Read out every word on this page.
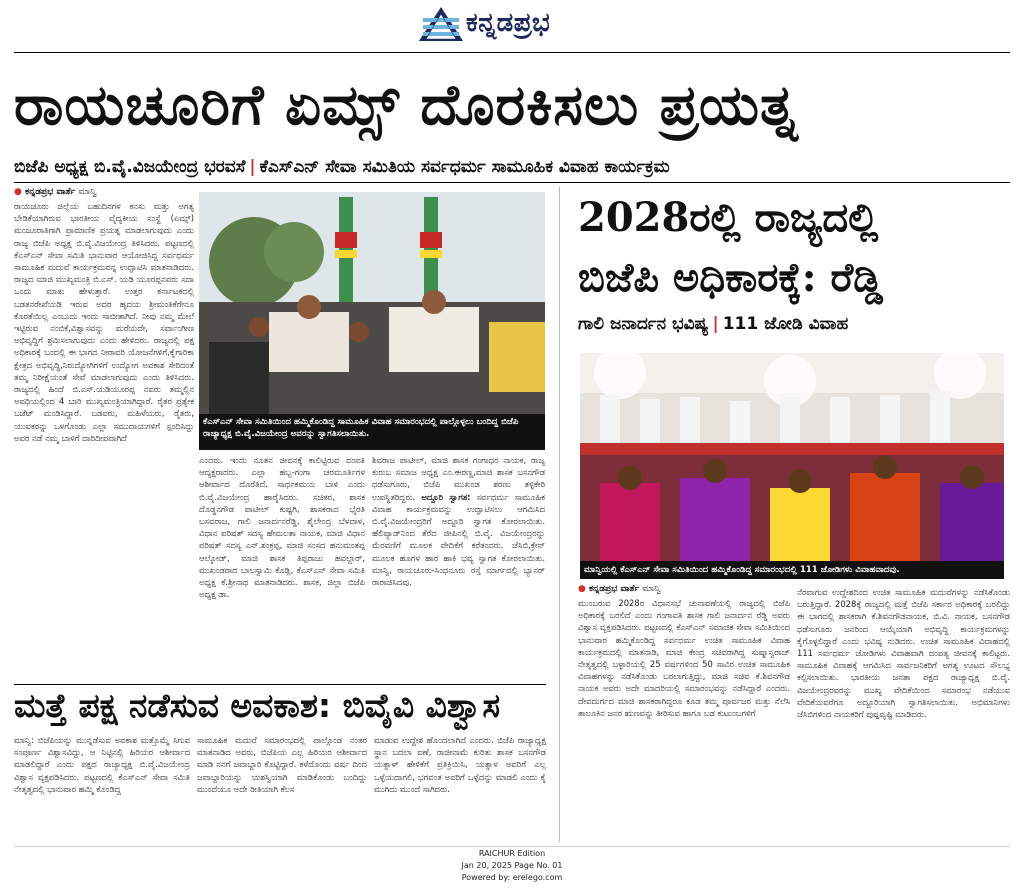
ಕನ್ನಡಪ್ರಭ
ರಾಯಚೂರಿಗೆ ಏಮ್ಸ್ ದೊರಕಿಸಲು ಪ್ರಯತ್ನ
ಬಿಜೆಪಿ ಅಧ್ಯಕ್ಷ ಬಿ.ವೈ.ವಿಜಯೇಂದ್ರ ಭರವಸೆ | ಕೆಎಸ್ಎನ್ ಸೇವಾ ಸಮಿತಿಯ ಸರ್ವಧರ್ಮ ಸಾಮೂಹಿಕ ವಿವಾಹ ಕಾರ್ಯಕ್ರಮ
● ಕನ್ನಡಪ್ರಭ ವಾರ್ತೆ ಮಾನ್ವಿ
ರಾಯಚೂರು ಜಿಲ್ಲೆಯ ಬಹುದಿನಗಳ ಕನಸು ಮತ್ತು ಅಗತ್ಯ ಬೇಡಿಕೆಯಾಗಿರುವ ಭಾರತೀಯ ವೈದ್ಯಕೀಯ ಸಂಸ್ಥೆ (ಏಮ್ಸ್) ಮಂಜೂರಾತಿಗಾಗಿ ಪ್ರಾಮಾಣಿಕ ಪ್ರಯತ್ನ ಮಾಡಲಾಗುವುದು ಎಂದು ರಾಜ್ಯ ಬಿಜೆಪಿ ಅಧ್ಯಕ್ಷ ಬಿ.ವೈ.ವಿಜಯೇಂದ್ರ ತಿಳಿಸಿದರು. ಪಟ್ಟಣದಲ್ಲಿ ಕೆಎಸ್ಎನ್ ಸೇವಾ ಸಮಿತಿ ಭಾನುವಾರ ಆಯೋಜಿಸಿದ್ದ ಸರ್ವಧರ್ಮ ಸಾಮೂಹಿಕ ಮದುವೆ ಕಾರ್ಯಕ್ರಮವನ್ನ ಉದ್ಘಾಟಿಸಿ ಮಾತನಾಡಿದರು. ರಾಜ್ಯದ ಮಾಜಿ ಮುಖ್ಯಮಂತ್ರಿ ಬಿ.ಎಸ್. ಯಡಿ ಯೂರಪ್ಪನವರು ಸದಾ ಒಂದು ಮಾತು ಹೇಳುತ್ತಾರೆ. ಉತ್ತರ ಕರ್ನಾಟಕದಲ್ಲಿ ಬಡತನರೇಖೆಯಡಿ ಇರುವ ಅದರ ಹೃದಯ ಶ್ರೀಮಂತಿಕೆಗೇನೂ ಕೊರತೆಯಿಲ್ಲ ಎಂಬುದು ಇಂದು ಸಾಬೀತಾಗಿದೆ. ನೀವು ನಮ್ಮ ಮೇಲೆ ಇಟ್ಟಿರುವ ನಂಬಿಕೆ,ವಿಶ್ವಾಸವನ್ನು ಮರೆಯದೇ, ಸರ್ವಾಂಗೀಣ ಅಭಿವೃದ್ಧಿಗೆ ಶ್ರಮಿಸಲಾಗುವುದು ಎಂದು ಹೇಳಿದರು. ರಾಜ್ಯದಲ್ಲಿ ಪಕ್ಷ ಅಧಿಕಾರಕ್ಕೆ ಬಂದಲ್ಲಿ ಈ ಭಾಗದ ನೀರಾವರಿ ಯೋಜನೆಗಳಿಗೆ,ಕೈಗಾರಿಕಾ ಕ್ಷೇತ್ರದ ಅಭಿವೃದ್ಧಿ,ನಿರುದ್ಯೋಗಿಗಳಿಗೆ ಉದ್ಯೋಗ ಅವಕಾಶ ಸೇರಿದಂತೆ ತಮ್ಮ ನಿರೀಕ್ಷೆಯಂತೆ ಸೇವೆ ಮಾಡಲಾಗುವುದು ಎಂದು ತಿಳಿಸಿದರು. ರಾಜ್ಯದಲ್ಲಿ ಹಿಂದೆ ಬಿ.ಎಸ್.ಯಡಿಯೂರಪ್ಪ ನವರು ತಮ್ಮಲ್ಲಿನ ಅವಧಿಯಲ್ಲಿಂದ 4 ಬಾರಿ ಮುಖ್ಯಮಂತ್ರಿಯಾಗಿದ್ದಾರೆ. ರೈತರ ಪ್ರತ್ಯೇಕ ಬಜೆಟ್ ಮಂಡಿಸಿದ್ದಾರೆ. ಬಡವರು, ಮಹಿಳೆಯರು, ರೈತರು, ಯುವಕರನ್ನು ಒಳಗೊಂಡು ಎಲ್ಲಾ ಸಮುದಾಯಗಳಿಗೆ ಸ್ಪಂದಿಸಿದ್ದು ಅವರ ನಡೆ ನಮ್ಮ ಬಾಳಿಗೆ ದಾರಿದೀಪವಾಗಿದೆ
ಕೆಎಸ್ಎನ್ ಸೇವಾ ಸಮಿತಿಯಿಂದ ಹಮ್ಮಿಕೊಂಡಿದ್ದ ಸಾಮೂಹಿಕ ವಿವಾಹ ಸಮಾರಂಭದಲ್ಲಿ ಪಾಲ್ಗೊಳ್ಳಲು ಬಂದಿದ್ದ ಬಿಜೆಪಿ ರಾಜ್ಯಾಧ್ಯಕ್ಷ ಬಿ.ವೈ.ವಿಜಯೇಂದ್ರ ಅವರನ್ನು ಸ್ವಾಗತಿಸಲಾಯಿತು.
ಎಂದರು. ಇಂದು ನೂತನ ಜೀವನಕ್ಕೆ ಕಾಲಿಟ್ಟಿರುವ ದಂಪತಿ ಆದ್ಯಕ್ಷರಾದರು. ಎಲ್ಲಾ ಹಬ್ಬ-ಗಂಗಾ ಚರಮೂರ್ತಿಗಳ ಆಶೀರ್ವಾದ ದೊರೆತಿದೆ. ಸಾರ್ಥಕಮಯ ಬಾಳಿ ಎಂದು ಬಿ.ವೈ.ವಿಜಯೇಂದ್ರ ಹಾರೈಸಿದರು. ಸಚಿತರ, ಶಾಸಕ ದೊಡ್ಡನಗೌಡ ಪಾಟೀಲ್ ಕುಷ್ಟಗಿ, ಶಾಸಕರಾದ ಭೈರತಿ ಬಸವರಾಜ, ಗಾಲಿ ಜನಾರ್ದನರೆಡ್ಡಿ, ಶೈಲೇಂದ್ರ ಬೆಳದಾಳ, ವಿಧಾನ ಪರಿಷತ್ ಸದಸ್ಯ ಹೇಮಲತಾ ನಾಯಕ, ಮಾಜಿ ವಿಧಾನ ಪರಿಷತ್ ಸದಸ್ಯ ಎನ್.ಶಂಕ್ರಪ್ಪ, ಮಾಜಿ ಸಂಸದ ಹನುಮಂತಪ್ಪ ಆಲ್ಕೋಡ್, ಮಾಜಿ ಶಾಸಕ ತಿಪ್ಪರಾಜು ಹವಲ್ದಾರ್, ಮುಖಂಡರಾದ ಬಾಲಸ್ವಾಮಿ ಕೊಡ್ಲಿ, ಕೆಎಸ್ಎನ್ ಸೇವಾ ಸಮಿತಿ ಅಧ್ಯಕ್ಷ ಕೆ.ಶ್ರೀನಾಥ ಮಾತನಾಡಿದರು. ಶಾಸಕ, ಜಿಲ್ಲಾ ಬಿಜೆಪಿ ಅಧ್ಯಕ್ಷ ಡಾ.
ಶಿವರಾಜ ಪಾಟೀಲ್, ಮಾಜಿ ಶಾಸಕ ಗಂಗಾಧರ ನಾಯಕ, ರಾಜ್ಯ ಕುರುಬ ಸಮಾಜ ಅಧ್ಯಕ್ಷ ಎಂ.ಈರಣ್ಣ,ಮಾಜಿ ಶಾಸಕ ಬಸನಗೌಡ ಧಡೆಸುಗೂರು, ಬಿಜೆಪಿ ಮುಖಂಡ ಶರಣು ತಳ್ಳಿಕೇರಿ ಉಪಸ್ಥಿತರಿದ್ದರು. ಅದ್ದೂರಿ ಸ್ವಾಗತ: ಸರ್ವಧರ್ಮ ಸಾಮೂಹಿಕ ವಿವಾಹ ಕಾರ್ಯಕ್ರಮವನ್ನು ಉದ್ಘಾಟಿಸಲು ಆಗಮಿಸಿದ ಬಿ.ವೈ.ವಿಜಯೇಂದ್ರರಿಗೆ ಅದ್ದೂರಿ ಸ್ವಾಗತ ಕೋರಲಾಯಿತು. ಹೆಲಿಪ್ಯಾಡ್‌ನಿಂದ ತೆರೆದ ಜೀಪಿನಲ್ಲಿ ಬಿ.ವೈ. ವಿಜಯೇಂದ್ರರನ್ನು ಮೆರವಣಿಗೆ ಮೂಲಕ ವೇದಿಕೆಗೆ ಕರೆತಂದರು. ಜೆಸಿಬಿ,ಕ್ರೇನ್ ಮೂಲಕ ಹೂಗಳ ಹಾರ ಹಾಕಿ ಭವ್ಯ ಸ್ವಾಗತ ಕೋರಲಾಯಿತು. ಮಾನ್ವಿ, ರಾಯಚೂರು-ಸಿಂಧನೂರು ರಸ್ತೆ ಮಾರ್ಗದಲ್ಲಿ ಬ್ಯಾನರ್ ರಾರಾಜಿಸಿದವು.
ಮತ್ತೆ ಪಕ್ಷ ನಡೆಸುವ ಅವಕಾಶ: ಬಿವೈವಿ ವಿಶ್ವಾಸ
ಮಾನ್ವಿ: ಬಿಜೆಪಿಯನ್ನು ಮುನ್ನಡೆಸುವ ಅವಕಾಶ ಮತ್ತೊಮ್ಮೆ ಸಿಗುವ ಸಂಪೂರ್ಣ ವಿಶ್ವಾಸವಿದ್ದು, ಆ ನಿಟ್ಟಿನಲ್ಲಿ ಹಿರಿಯರ ಆಶೀರ್ವಾದ ಮಾಡಲಿದ್ದಾರೆ ಎಂದು ಪಕ್ಷದ ರಾಜ್ಯಾಧ್ಯಕ್ಷ ಬಿ.ವೈ.ವಿಜಯೇಂದ್ರ ವಿಶ್ವಾಸ ವ್ಯಕ್ತಪಡಿಸಿದರು. ಪಟ್ಟಣದಲ್ಲಿ ಕೆಎಸ್ಎನ್ ಸೇವಾ ಸಮಿತಿ ನೇತೃತ್ವದಲ್ಲಿ ಭಾನುವಾರ ಹಮ್ಮಿ ಕೊಂಡಿದ್ದ
ಸಾಮೂಹಿಕ ಮದುವೆ ಸಮಾರಂಭದಲ್ಲಿ ಪಾಲ್ಗೊಂಡ ನಂತರ ಮಾತನಾಡಿದ ಅವರು, ಬಿಜೆಪಿಯ ಎಲ್ಲ ಹಿರಿಯರ ಆಶೀರ್ವಾದ ಮಾಡಿ ನನಗೆ ಜವಾಬ್ದಾರಿ ಕೊಟ್ಟಿದ್ದಾರೆ. ಕಳೆದೊಂದು ವರ್ಷ ದಿಂದ ಜವಾಬ್ದಾರಿಯನ್ನು ಯಶಸ್ವಿಯಾಗಿ ಮಾಡಿಕೊಂಡು ಬಂದಿದ್ದು ಮುಂದೆಯೂ ಅದೇ ರೀತಿಯಾಗಿ ಕೆಲಸ
ಮಾಡುವ ಉದ್ದೇಶ ಹೊಂದಲಾಗಿದೆ ಎಂದರು. ಬಿಜೆಪಿ ರಾಜ್ಯಾಧ್ಯಕ್ಷ ಸ್ಥಾನ ಬದಲಾ ವಣೆ, ರಾಜೀನಾಮೆ ಕುರಿತು ಶಾಸಕ ಬಸನಗೌಡ ಯತ್ನಾಳ್ ಹೇಳಿಕೆಗೆ ಪ್ರತಿಕ್ರಿಯಿಸಿ, ಯತ್ನಾಳ ಅವರಿಗೆ ಎಲ್ಲ ಒಳ್ಳೆಯದಾಗಲಿ, ಭಗವಂತ ಅವರಿಗೆ ಒಳ್ಳೆದನ್ನು ಮಾಡಲಿ ಎಂದು ಕೈ ಮುಗಿದು ಮುಂದೆ ಸಾಗಿದರು.
2028ರಲ್ಲಿ ರಾಜ್ಯದಲ್ಲಿ
ಬಿಜೆಪಿ ಅಧಿಕಾರಕ್ಕೆ: ರೆಡ್ಡಿ
ಗಾಲಿ ಜನಾರ್ದನ ಭವಿಷ್ಯ | 111 ಜೋಡಿ ವಿವಾಹ
ಮಾನ್ವಿಯಲ್ಲಿ ಕೆಎಸ್ಎನ್ ಸೇವಾ ಸಮಿತಿಯಿಂದ ಹಮ್ಮಿಕೊಂಡಿದ್ದ ಸಮಾರಂಭದಲ್ಲಿ 111 ಜೋಡಿಗಳು ವಿವಾಹವಾದವು.
● ಕನ್ನಡಪ್ರಭ ವಾರ್ತೆ ಮಾನ್ವಿ
ಮುಂಬರುವ 2028ರ ವಿಧಾನಸಭೆ ಚುನಾವಣೆಯಲ್ಲಿ ರಾಜ್ಯದಲ್ಲಿ ಬಿಜೆಪಿ ಅಧಿಕಾರಕ್ಕೆ ಬರಲಿದೆ ಎಂದು ಗಂಗಾವತಿ ಶಾಸಕ ಗಾಲಿ ಜನಾರ್ದನ ರೆಡ್ಡಿ ಅವರು ವಿಶ್ವಾಸ ವ್ಯಕ್ತಪಡಿಸಿದರು. ಪಟ್ಟಣದಲ್ಲಿ ಕೆಎಸ್ಎನ್ ಸಮಾಜಿಕ ಸೇವಾ ಸಮಿತಿಯಿಂದ ಭಾನುವಾರ ಹಮ್ಮಿಕೊಂಡಿದ್ದ ಸರ್ವಧರ್ಮ ಉಚಿತ ಸಾಮೂಹಿಕ ವಿವಾಹ ಕಾರ್ಯಕ್ರಮದಲ್ಲಿ ಮಾತನಾಡಿ, ಮಾಜಿ ಕೇಂದ್ರ ಸಚಿವರಾಗಿದ್ದ ಸುಷ್ಮಾಸ್ವರಾಜ್ ನೇತೃತ್ವದಲ್ಲಿ ಬಳ್ಳಾರಿಯಲ್ಲಿ 25 ವರ್ಷಗಳಿಂದ 50 ಸಾವಿರ ಉಚಿತ ಸಾಮೂಹಿಕ ವಿವಾಹಗಳನ್ನು ನಡೆಸಿಕೊಂಡು ಬರಲಾಗುತ್ತಿದ್ದು, ಮಾಜಿ ಸಚಿವ ಕೆ.ಶಿವನಗೌಡ ನಾಯಕ ಅವರು ಅದೇ ಮಾದರಿಯಲ್ಲಿ ಸಮಾರಂಭವನ್ನು ನಡೆಸಿದ್ದಾರೆ ಎಂದರು. ದೇವದುರ್ಗದ ಮಾಜಿ ಶಾಸಕರಾಗಿದ್ದರೂ ಕೂಡ ತಮ್ಮ ಪೂರ್ವಜರ ಮತ್ತು ನೆಲೆಸಿ ತಾಲೂಕಿನ ಜನರ ಋಣವನ್ನು ತೀರಿಸುವ ಹಾಗೂ ಬಡ ಕುಟುಂಬಗಳಿಗೆ
ನೆರವಾಗುವ ಉದ್ದೇಶದಿಂದ ಉಚಿತ ಸಾಮೂಹಿಕ ಮದುವೆಗಳನ್ನು ನಡೆಸಿಕೊಂಡು ಬರುತ್ತಿದ್ದಾರೆ. 2028ಕ್ಕೆ ರಾಜ್ಯದಲ್ಲಿ ಮತ್ತೆ ಬಿಜೆಪಿ ಸರ್ಕಾರ ಅಧಿಕಾರಕ್ಕೆ ಬರಲಿದ್ದು ಈ ಭಾಗದಲ್ಲಿ ಶಾಸಕರಾಗಿ ಕೆ.ಶಿವನಗೌಡನಾಯಕ, ಬಿ.ವಿ. ನಾಯಕ, ಬಸನಗೌಡ ಧಡೆಸುಗೂರು ಜನರಿಂದ ಆಯ್ಕೆಯಾಗಿ ಅಭಿವೃದ್ಧಿ ಕಾರ್ಯಕ್ರಮಗಳನ್ನು ಕೈಗೊಳ್ಳಲಿದ್ದಾರೆ ಎಂದು ಭವಿಷ್ಯ ನುಡಿದರು. ಉಚಿತ ಸಾಮೂಹಿಕ ವಿವಾಹದಲ್ಲಿ 111 ಸರ್ವಧರ್ಮ ಜೋಡಿಗಳು ವಿವಾಹವಾಗಿ ದಂಪತ್ಯ ಜೀವನಕ್ಕೆ ಕಾಲಿಟ್ಟರು. ಸಾಮೂಹಿಕ ವಿವಾಹಕ್ಕೆ ಆಗಮಿಸಿದ ಸಾರ್ವಜನಿಕರಿಗೆ ಅಗತ್ಯ ಊಟದ ಸೌಲಭ್ಯ ಕಲ್ಪಿಸಲಾಯಿತು. ಭಾರತೀಯ ಜನತಾ ಪಕ್ಷದ ರಾಜ್ಯಾಧ್ಯಕ್ಷ ಬಿ.ವೈ. ವಿಜಯೇಂದ್ರರವರನ್ನು ಮುಖ್ಯ ವೇದಿಕೆಯಿಂದ ಸಮಾರಂಭ ನಡೆಯುವ ವೇದಿಕೆಯವರೆಗೂ ಅದ್ದೂರಿಯಾಗಿ ಸ್ವಾಗತಿಸಲಾಯಿತು. ಅಭಿಮಾನಿಗಳು ಜೆಸಿಬಿಗಳಿಂದ ನಾಯಕರಿಗೆ ಪುಷ್ಪವೃಷ್ಟಿ ಮಾಡಿದರು.
RAICHUR Edition
Jan 20, 2025 Page No. 01
Powered by: erelego.com
